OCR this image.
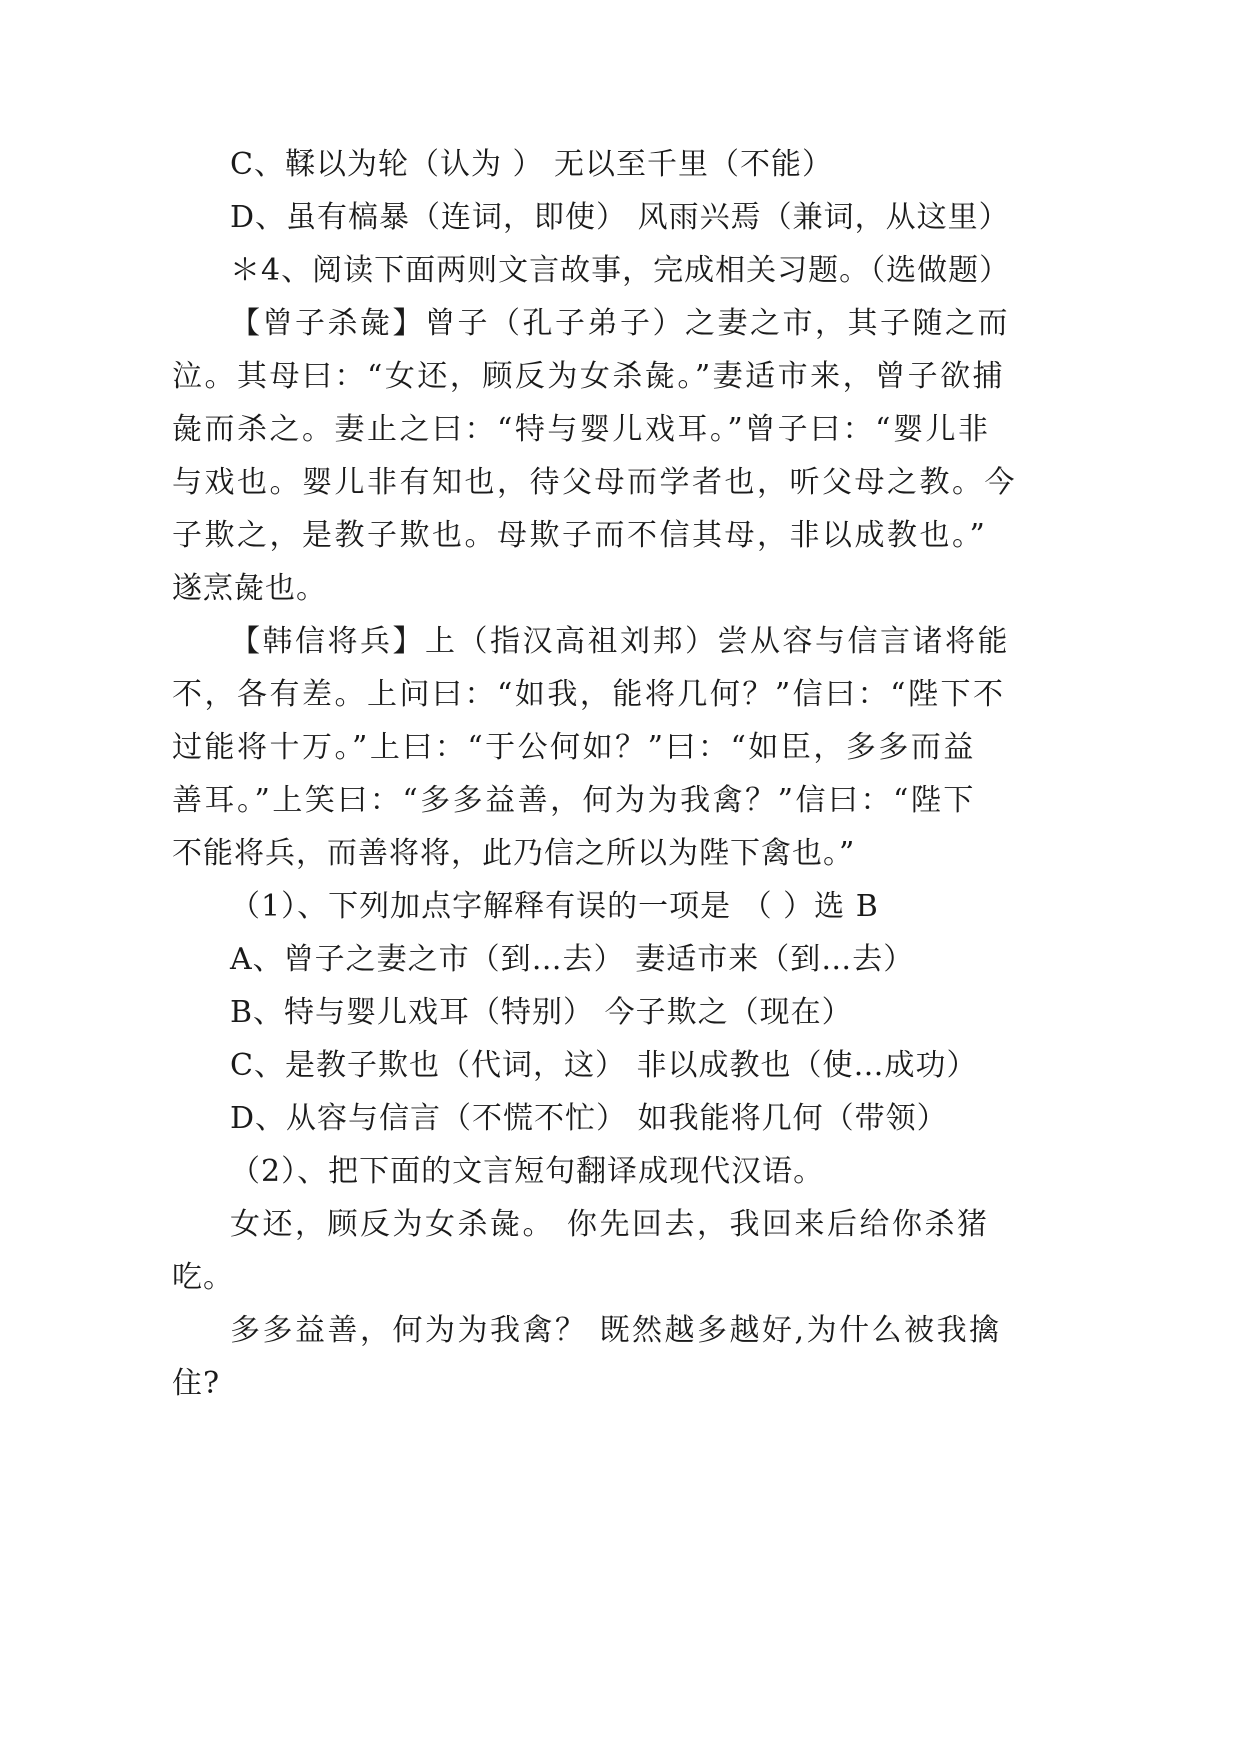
C、鞣以为轮（认为 ） 无以至千里（不能）
D、虽有槁暴（连词，即使） 风雨兴焉（兼词，从这里）
＊4、阅读下面两则文言故事，完成相关习题。（选做题）
【曾子杀彘】曾子（孔子弟子）之妻之市，其子随之而
泣。其母曰：“女还，顾反为女杀彘。”妻适市来，曾子欲捕
彘而杀之。妻止之曰：“特与婴儿戏耳。”曾子曰：“婴儿非
与戏也。婴儿非有知也，待父母而学者也，听父母之教。今
子欺之，是教子欺也。母欺子而不信其母，非以成教也。”
遂烹彘也。
【韩信将兵】上（指汉高祖刘邦）尝从容与信言诸将能
不，各有差。上问曰：“如我，能将几何？”信曰：“陛下不
过能将十万。”上曰：“于公何如？”曰：“如臣，多多而益
善耳。”上笑曰：“多多益善，何为为我禽？”信曰：“陛下
不能将兵，而善将将，此乃信之所以为陛下禽也。”
（1）、下列加点字解释有误的一项是 （ ）选 B
A、曾子之妻之市（到…去） 妻适市来（到…去）
B、特与婴儿戏耳（特别） 今子欺之（现在）
C、是教子欺也（代词，这） 非以成教也（使…成功）
D、从容与信言（不慌不忙） 如我能将几何（带领）
（2）、把下面的文言短句翻译成现代汉语。
女还，顾反为女杀彘。 你先回去，我回来后给你杀猪
吃。
多多益善，何为为我禽？ 既然越多越好,为什么被我擒
住?
